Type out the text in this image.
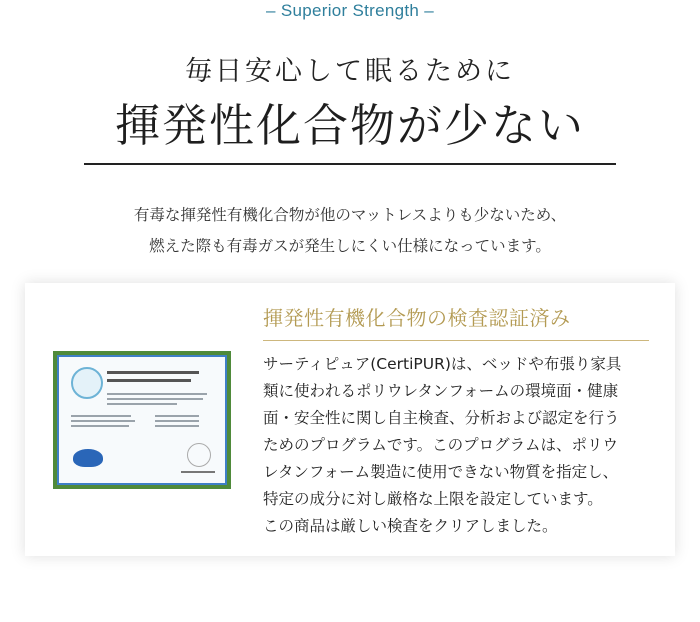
– Superior Strength –
毎日安心して眠るために
揮発性化合物が少ない
有毒な揮発性有機化合物が他のマットレスよりも少ないため、
燃えた際も有毒ガスが発生しにくい仕様になっています。
揮発性有機化合物の検査認証済み
サーティピュア(CertiPUR)は、ベッドや布張り家具
類に使われるポリウレタンフォームの環境面・健康
面・安全性に関し自主検査、分析および認定を行う
ためのプログラムです。このプログラムは、ポリウ
レタンフォーム製造に使用できない物質を指定し、
特定の成分に対し厳格な上限を設定しています。
この商品は厳しい検査をクリアしました。
